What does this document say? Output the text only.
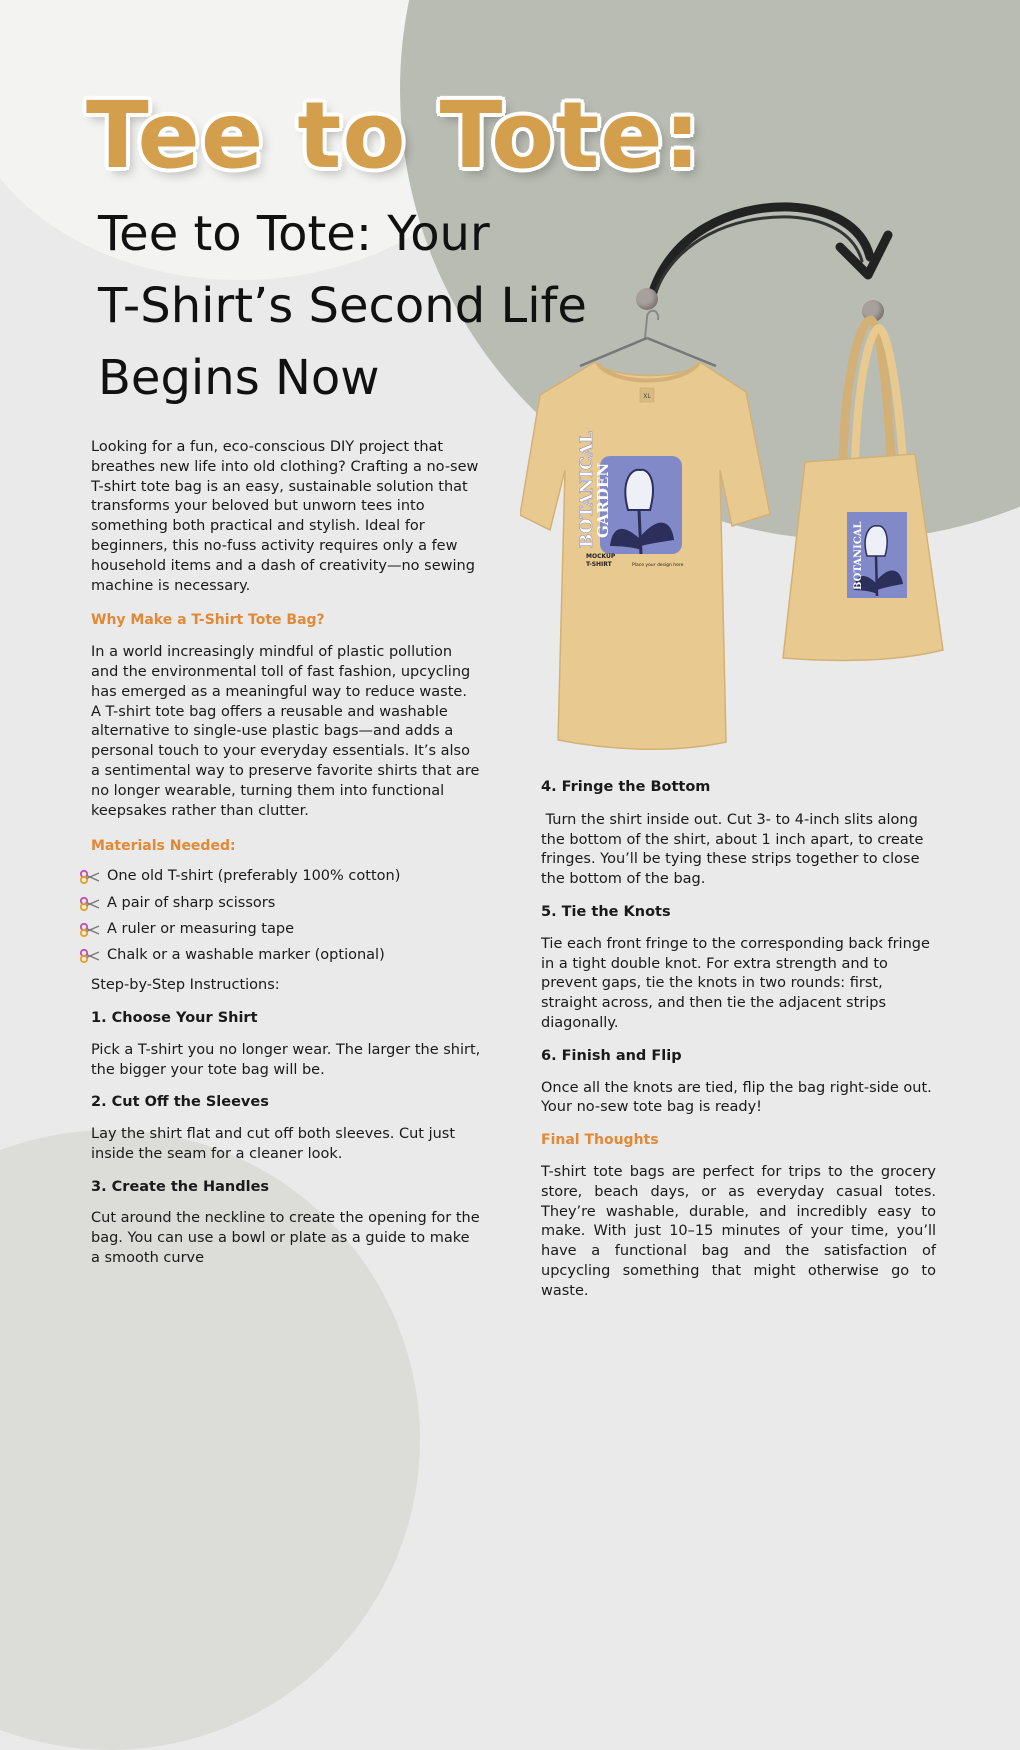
Tee to Tote:
Tee to Tote: Your
T-Shirt’s Second Life
Begins Now	XL
BOTANICAL
GARDEN
MOCKUP
T-SHIRT	Place your design here	BOTANICAL

Looking for a fun, eco-conscious DIY project that breathes new life into old clothing? Crafting a no-sew T-shirt tote bag is an easy, sustainable solution that transforms your beloved but unworn tees into something both practical and stylish. Ideal for beginners, this no-fuss activity requires only a few household items and a dash of creativity—no sewing machine is necessary.

Why Make a T-Shirt Tote Bag?

In a world increasingly mindful of plastic pollution and the environmental toll of fast fashion, upcycling has emerged as a meaningful way to reduce waste. A T-shirt tote bag offers a reusable and washable alternative to single-use plastic bags—and adds a personal touch to your everyday essentials. It’s also a sentimental way to preserve favorite shirts that are no longer wearable, turning them into functional keepsakes rather than clutter.

Materials Needed:

One old T-shirt (preferably 100% cotton)
A pair of sharp scissors
A ruler or measuring tape
Chalk or a washable marker (optional)

Step-by-Step Instructions:

1. Choose Your Shirt

Pick a T-shirt you no longer wear. The larger the shirt, the bigger your tote bag will be.

2. Cut Off the Sleeves

Lay the shirt flat and cut off both sleeves. Cut just inside the seam for a cleaner look.

3. Create the Handles

Cut around the neckline to create the opening for the bag. You can use a bowl or plate as a guide to make a smooth curve

4. Fringe the Bottom

Turn the shirt inside out. Cut 3- to 4-inch slits along the bottom of the shirt, about 1 inch apart, to create fringes. You’ll be tying these strips together to close the bottom of the bag.

5. Tie the Knots

Tie each front fringe to the corresponding back fringe in a tight double knot. For extra strength and to prevent gaps, tie the knots in two rounds: first, straight across, and then tie the adjacent strips diagonally.

6. Finish and Flip

Once all the knots are tied, flip the bag right-side out. Your no-sew tote bag is ready!

Final Thoughts

T-shirt tote bags are perfect for trips to the grocery store, beach days, or as everyday casual totes. They’re washable, durable, and incredibly easy to make. With just 10–15 minutes of your time, you’ll have a functional bag and the satisfaction of upcycling something that might otherwise go to waste.
